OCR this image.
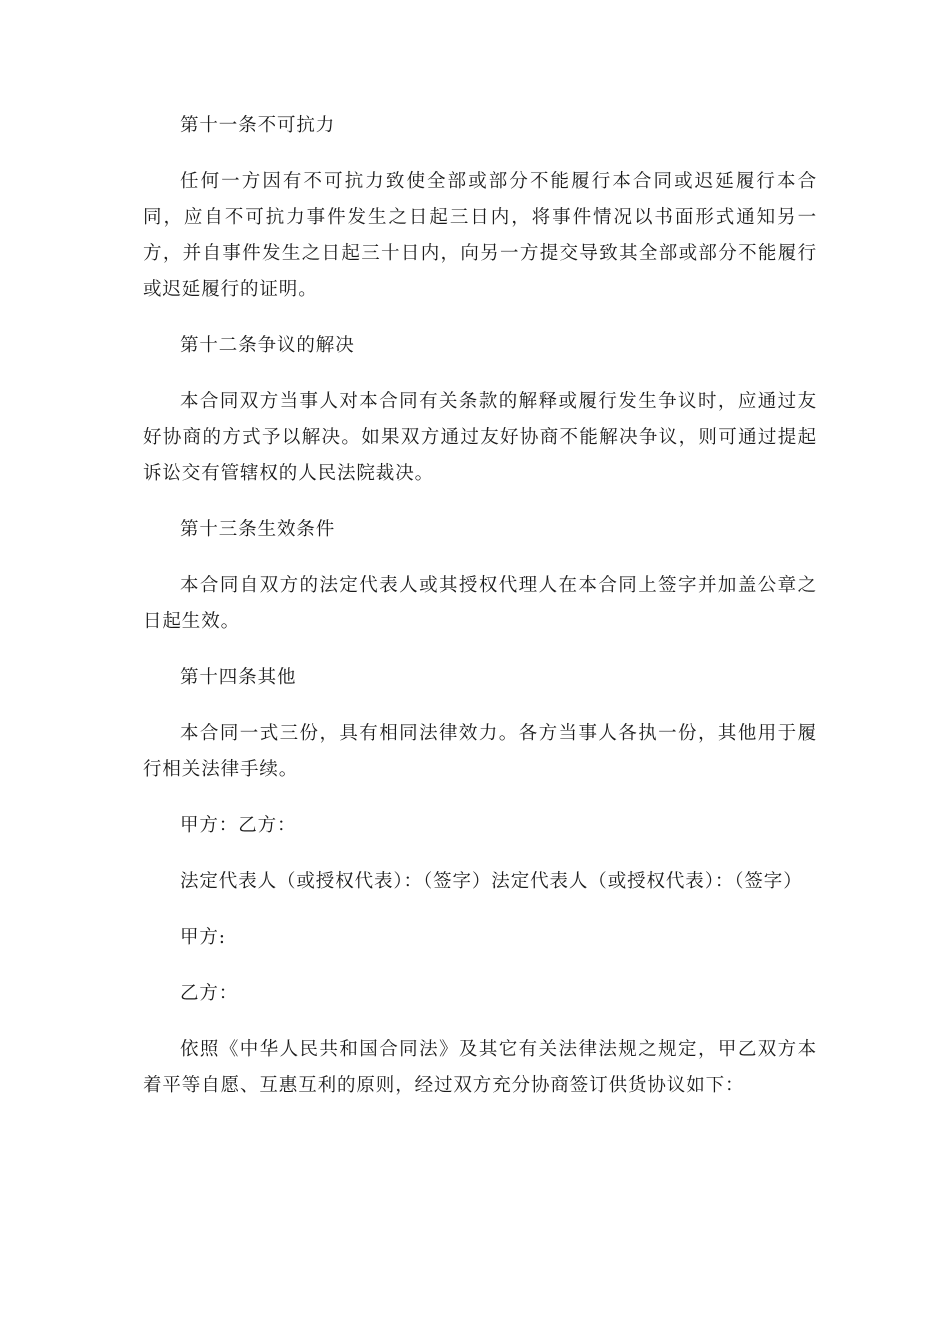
第十一条不可抗力

任何一方因有不可抗力致使全部或部分不能履行本合同或迟延履行本合同，应自不可抗力事件发生之日起三日内，将事件情况以书面形式通知另一方，并自事件发生之日起三十日内，向另一方提交导致其全部或部分不能履行或迟延履行的证明。

第十二条争议的解决

本合同双方当事人对本合同有关条款的解释或履行发生争议时，应通过友好协商的方式予以解决。如果双方通过友好协商不能解决争议，则可通过提起诉讼交有管辖权的人民法院裁决。

第十三条生效条件

本合同自双方的法定代表人或其授权代理人在本合同上签字并加盖公章之日起生效。

第十四条其他

本合同一式三份，具有相同法律效力。各方当事人各执一份，其他用于履行相关法律手续。

甲方：乙方：

法定代表人（或授权代表）：（签字）法定代表人（或授权代表）：（签字）

甲方:

乙方：

依照《中华人民共和国合同法》及其它有关法律法规之规定，甲乙双方本着平等自愿、互惠互利的原则，经过双方充分协商签订供货协议如下：
